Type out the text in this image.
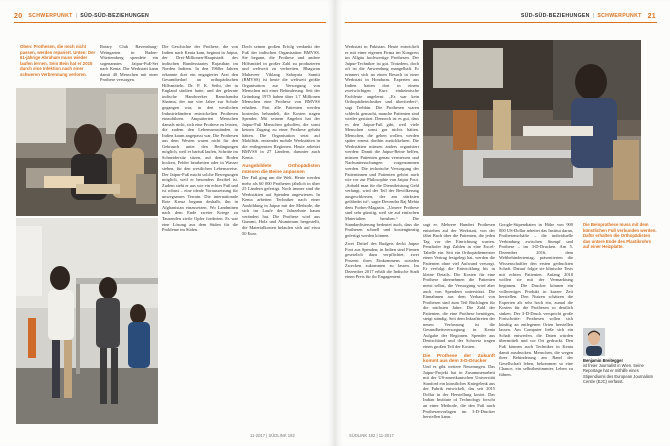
20 SCHWERPUNKT | SÜD-SÜD-BEZIEHUNGEN
Oben: Prothesen, die noch nicht passen, werden repariert. Unten: Der 61-jährige Abraham muss wieder laufen lernen. Sein Bein hat er 2015 durch eine Infektion nach einer schweren Verbrennung verloren.

Rotary Club Ravensburg-Weingarten in Baden-Württemberg spendete ein sogenanntes Jaipur-Fuß-Set nach Kenia. Die Werkstatt kann damit 40 Menschen mit einer Prothese versorgen.

Die Geschichte der Prothese, die von Indien nach Kenia kam, beginnt in Jaipur, der Drei-Millionen-Hauptstadt des indischen Bundesstaates Rajasthan im Norden Indiens. In den 1960er Jahren erkannte dort ein engagierter Arzt den Gesamtbedarf an orthopädischen Hilfsmitteln. Dr. P. K. Sethi, der in England studiert hatte, und der gelernte indische Handwerker Ramchandra Sharma, der nur vier Jahre zur Schule gegangen war, in den westlichen Industrieländern entwickelten Prothesen einzuführen. Amputierten Menschen damals nicht, sich eine Prothese zu leisten, die zudem den Lebensumständen in Indien kaum angepasst war. Die Prothesen aus dem Westen waren nicht für den Gebrauch unter den Bedingungen möglich, weil er barfuß laufen, Schritte im Schneidersitz sitzen, auf dem Boden hocken, Felder bearbeiten oder in Wasser stehen, für den westlichen Lebensweise. Der Jaipur-Fuß macht solche Bewegungen möglich, weil er besonders flexibel ist. Zudem sieht er aus wie ein echter Fuß und ist robust – eine ideale Voraussetzung für unwegsames Terrain. Die internationale Rote Kreuz begann deshalb, ihn in Afghanistan einzusetzen. Wo Landminen nach dem Ende zweier Kriege zu Tausenden zivile Opfer forderten. Es war eine Lösung aus dem Süden für die Probleme im Süden.

Doch seinen großen Erfolg verdankt der Fuß der indischen Organisation BMVSS. Sie begann, die Prothese und andere Hilfsmittel in großer Zahl zu produzieren und weltweit zu verbreiten. Bhagwan Mahaveer Viklang Sahayata Samiti (BMVSS) ist heute die weltweit größte Organisation zur Versorgung von Menschen mit einer Behinderung. Seit der Gründung 1975 haben über 1,7 Millionen Menschen eine Prothese von BMVSS erhalten. Fast alle Patienten werden kostenlos behandelt, die Kosten tragen Spender. Mit seinem Angebot hat der Jaipur-Fuß Menschen geholfen, die sonst keinen Zugang zu einer Prothese gehabt hätten. Die Organisation setzt auf Mobilität, entsendet mobile Werkstätten in die entlegensten Regionen. Heute arbeitet BMVSS in 27 Ländern, darunter auch Kenia.

Ausgebildete Orthopädisten müssen die Beine anpassen

Der Fuß ging um die Welt. Heute werden mehr als 60 000 Prothesen jährlich in über 25 Ländern gefertigt. Noch immer sind die Werkstätten auf Spenden angewiesen. In Kenia arbeiten Techniker nach einer Ausbildung in Jaipur mit der Methode, die sich im Laufe der Jahrzehnte kaum verändert hat. Die Prothese wird aus Gummi, Holz und Aluminium hergestellt, die Materialkosten belaufen sich auf etwa 50 Euro.

11-2017 | SÜDLINK 182
SÜD-SÜD-BEZIEHUNGEN | SCHWERPUNKT 21

Werkstatt in Pakistan. Heute entwickelt er mit einer eigenen Firma im Kongress im Allgäu hochwertige Prothesen. Der Jaipur-Techniker ist gut. Trotzdem, doch oft ist die Anwendung mangelhaft. Er erinnert sich an einen Besuch in einer Werkstatt in Honduras. Experten aus Indien hatten dort in einem zweiwöchigen Kurs einheimische Fachleute angelernt. „Es war kein Orthopädietechniker und überfordert“, sagt Trebbin. Die Prothesen waren schlecht gemacht, manche Patienten sind wieder gestürzt. Dennoch ist es gut, dass es den Jaipur-Fuß gibt, weil viele Menschen sonst gar nichts hätten. Menschen, die gehen wollen, werden später erneut dorthin zurückkehren. Die Werkstätten müssen anders organisiert werden: Damit die Jaipur-Beine helfen, müssen Patienten genau vermessen und Nachuntersuchungen vorgenommen werden. Die technische Versorgung der Patientinnen und Patienten gehört nach wie vor zur Philosophie von Jaipur Foot. „Sobald man für die Dienstleistung Geld verlangt, wird der Teil der Bevölkerung ausgeschlossen, der am stärksten gefährdet ist“, sagte Devendra Raj Mehta dem Forbes-Magazin. „Unsere Prothese sind sehr günstig, weil sie auf einfachen Materialien beruhen.“ Die Standardisierung bedeutet auch, dass die Prothesen schnell und kostengünstig gefertigt werden können.

Zwei Drittel des Budgets deckt Jaipur Foot aus Spenden; in Indien sind Firmen gesetzlich dazu verpflichtet, zwei Prozent ihres Einkommens sozialen Zwecken zukommen zu lassen. Im Dezember 2017 erhält die Indische Stadt einen Preis für ihr Engagement.

sagt er. Mehrere Hundert Prothesen entstehen auf der Werkstatt, von der fährt Buch über die Patienten, die jeden Tag vor der Einrichtung warten. Penzhofer legt Zahlen in eine Excel-Tabelle ein. Seit ein Orthopädiemeister einen Vertrag festgelegt hat, werden die Patienten ohne viel Aufwand versorgt. Er verfolgt die Entwicklung bis in kleine Details. Die Kosten für eine Prothese übernehmen die Patienten meist selbst, die Versorgung wird aber auch von Spendern unterstützt. Die Einnahmen aus dem Verkauf von Prothesen sind zum Teil Rücklagen für die nächsten Jahre. Die Zahl der Patienten, die eine Prothese benötigen, steigt ständig. Seit dem Inkrafttreten der neuen Verfassung ist die Gesundheitsversorgung in Kenia Aufgabe der Regionen. Spender aus Deutschland und der Schweiz tragen einen großen Teil der Kosten.

Die Prothese der Zukunft kommt aus dem 3-D-Drucker

Und es gibt weitere Neuerungen. Das Jaipur-Projekt hat in Zusammenarbeit mit der US-amerikanischen Universität Stanford ein künstliches Kniegelenk aus der Fabrik entwickelt, das seit 2015 Dollar in der Herstellung kostet. Das Indian Institute of Technology forscht an einer Methode, die den Fuß nach Prothesenvorlagen im 3-D-Drucker herstellen kann.

Google-Stipendiaten in Höhe von 900 000 US-Dollar arbeitet das Institut daran, Prothesenschäfte – die individuelle Verbindung zwischen Stumpf und Prothese – im 3-D-Drucken. Am 5. Dezember 2016, dem Weltbehindertentag, präsentierten die Wissenschaftler den ersten gedruckten Schaft. Darauf folgte sie klinische Tests mit echten Patienten. Anfang 2018 wollen sie mit der Vermarktung beginnen. Die Drucker können ein vollwertiges Produkt in kurzer Zeit herstellen. Den Nutzen schätzen die Experten als sehr hoch ein, zumal die Kosten für die Prothesen so deutlich sinken. Der 3-D-Druck verspricht große Fortschritte: Prothesen sollen sich künftig an entlegenen Orten herstellen lassen. Am Computer ließe sich ein Schaft entwerfen, die Daten würden übermittelt und vor Ort gedruckt. Den Fuß können auch Techniker in Kenia damit ausdrucken. Menschen, die wegen ihrer Behinderung am Rand der Gesellschaft leben, bekommen so eine Chance, ein selbstbestimmtes Leben zu führen.

Die Beinprothese muss mit dem künstlichen Fuß verbunden werden. Dafür erhalten die Orthopädisten das untere Ende des Plastikrohrs auf einer Heizplatte.
Benjamin Breitegger
ist freier Journalist in Wien. Seine Reportage hat er mithilfe eines Stipendiums des European Journalism Centre (EJC) verfasst.
SÜDLINK 182 | 11-2017
